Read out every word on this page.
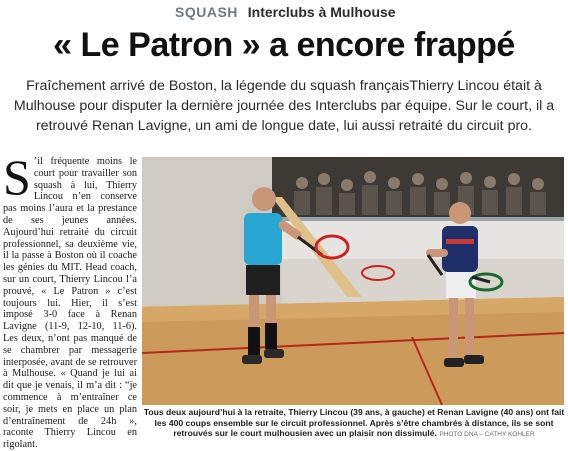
SQUASH Interclubs à Mulhouse
« Le Patron » a encore frappé
Fraîchement arrivé de Boston, la légende du squash françaisThierry Lincou était à Mulhouse pour disputer la dernière journée des Interclubs par équipe. Sur le court, il a retrouvé Renan Lavigne, un ami de longue date, lui aussi retraité du circuit pro.
S ’il fréquente moins le court pour travailler son squash à lui, Thierry Lincou n’en conserve pas moins l’aura et la prestance de ses jeunes années. Aujourd’hui retraité du circuit professionnel, sa deuxième vie, il la passe à Boston où il coache les génies du MIT. Head coach, sur un court, Thierry Lincou l’a prouvé, « Le Patron » c’est toujours lui. Hier, il s’est imposé 3-0 face à Renan Lavigne (11-9, 12-10, 11-6). Les deux, n’ont pas manqué de se chambrer par messagerie interposée, avant de se retrouver à Mulhouse. « Quand je lui ai dit que je venais, il m’a dit : “je commence à m’entraîner ce soir, je mets en place un plan d’entraînement de 24h », raconte Thierry Lincou en rigolant.

Tous deux aujourd’hui à la retraite, Thierry Lincou (39 ans, à gauche) et Renan Lavigne (40 ans) ont fait les 400 coups ensemble sur le circuit professionnel. Après s’être chambrés à distance, ils se sont retrouvés sur le court mulhousien avec un plaisir non dissimulé. PHOTO DNA – CATHY KOHLER
